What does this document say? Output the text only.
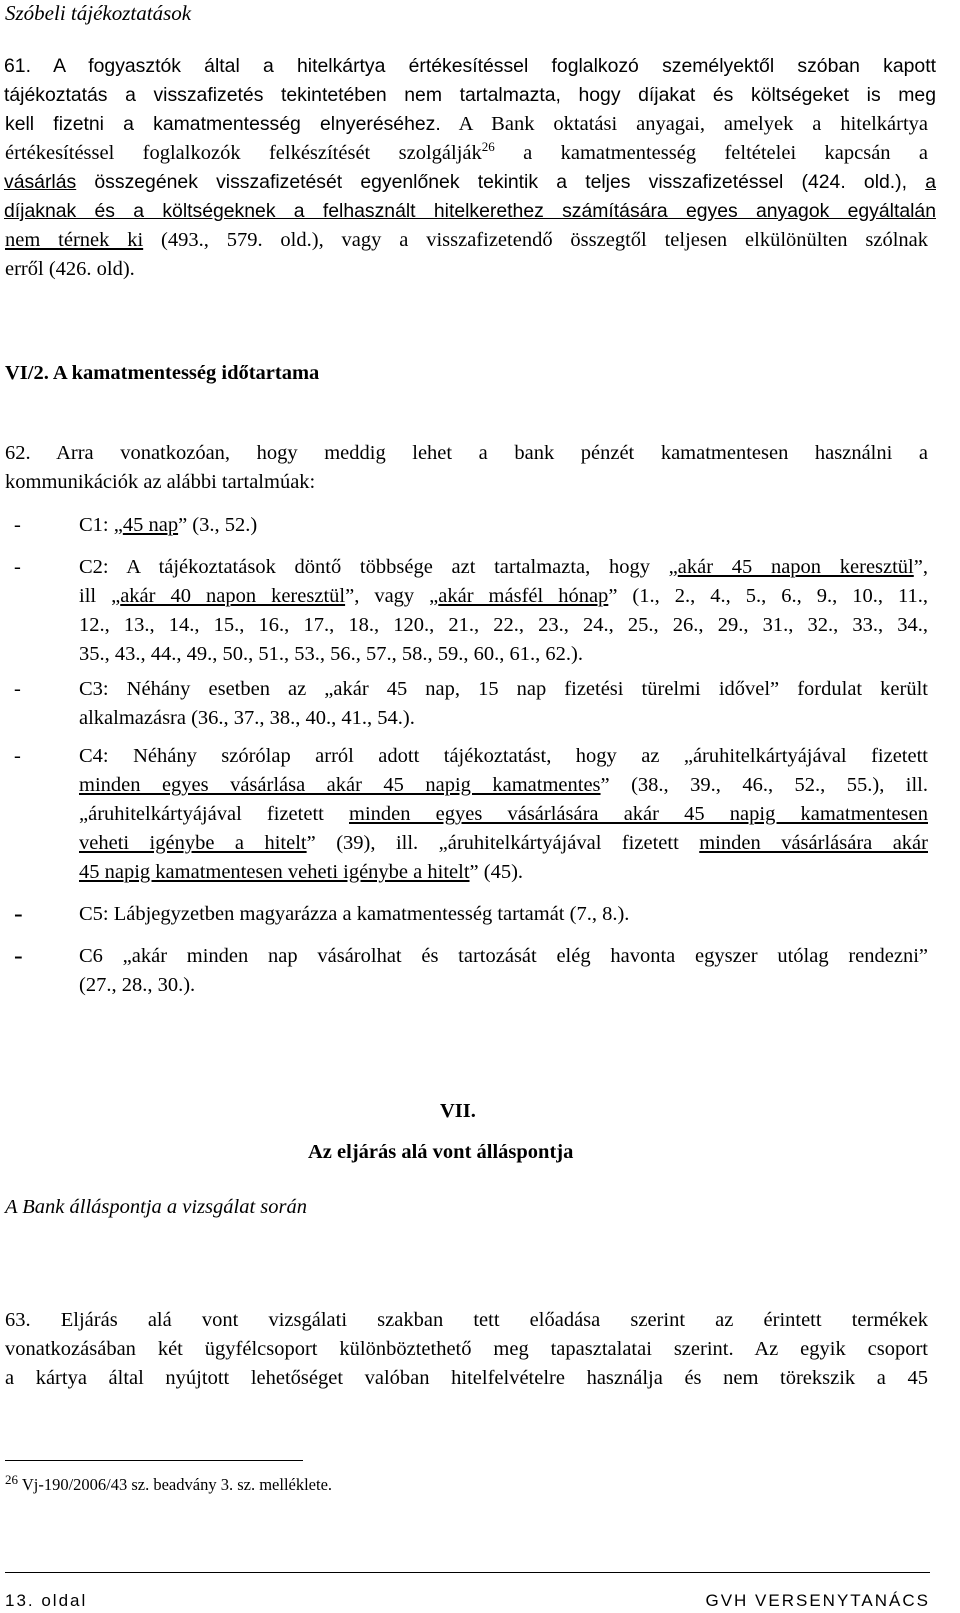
Szóbeli tájékoztatások
61. A fogyasztók által a hitelkártya értékesítéssel foglalkozó személyektől szóban kapott
tájékoztatás a visszafizetés tekintetében nem tartalmazta, hogy díjakat és költségeket is meg
kell fizetni a kamatmentesség elnyeréséhez. A Bank oktatási anyagai, amelyek a hitelkártya
értékesítéssel foglalkozók felkészítését szolgálják$^{26}$ a kamatmentesség feltételei kapcsán a
vásárlás összegének visszafizetését egyenlőnek tekintik a teljes visszafizetéssel (424. old.), a
díjaknak és a költségeknek a felhasznált hitelkerethez számítására egyes anyagok egyáltalán
nem térnek ki (493., 579. old.), vagy a visszafizetendő összegtől teljesen elkülönülten szólnak
erről (426. old).
VI/2. A kamatmentesség időtartama
62. Arra vonatkozóan, hogy meddig lehet a bank pénzét kamatmentesen használni a
kommunikációk az alábbi tartalmúak:
-	C1: „45 nap” (3., 52.)
-	C2: A tájékoztatások döntő többsége azt tartalmazta, hogy „akár 45 napon keresztül”,
ill „akár 40 napon keresztül”, vagy „akár másfél hónap” (1., 2., 4., 5., 6., 9., 10., 11.,
12., 13., 14., 15., 16., 17., 18., 120., 21., 22., 23., 24., 25., 26., 29., 31., 32., 33., 34.,
35., 43., 44., 49., 50., 51., 53., 56., 57., 58., 59., 60., 61., 62.).
-	C3: Néhány esetben az „akár 45 nap, 15 nap fizetési türelmi idővel” fordulat került
alkalmazásra (36., 37., 38., 40., 41., 54.).
-	C4: Néhány szórólap arról adott tájékoztatást, hogy az „áruhitelkártyájával fizetett
minden egyes vásárlása akár 45 napig kamatmentes” (38., 39., 46., 52., 55.), ill.
„áruhitelkártyájával fizetett minden egyes vásárlására akár 45 napig kamatmentesen
veheti igénybe a hitelt” (39), ill. „áruhitelkártyájával fizetett minden vásárlására akár
45 napig kamatmentesen veheti igénybe a hitelt” (45).
-	C5: Lábjegyzetben magyarázza a kamatmentesség tartamát (7., 8.).
-	C6 „akár minden nap vásárolhat és tartozását elég havonta egyszer utólag rendezni”
(27., 28., 30.).
VII.
Az eljárás alá vont álláspontja
A Bank álláspontja a vizsgálat során
63. Eljárás alá vont vizsgálati szakban tett előadása szerint az érintett termékek
vonatkozásában két ügyfélcsoport különböztethető meg tapasztalatai szerint. Az egyik csoport
a kártya által nyújtott lehetőséget valóban hitelfelvételre használja és nem törekszik a 45
$^{26}$ Vj-190/2006/43 sz. beadvány 3. sz. melléklete.
13. oldal	GVH VERSENYTANÁCS
